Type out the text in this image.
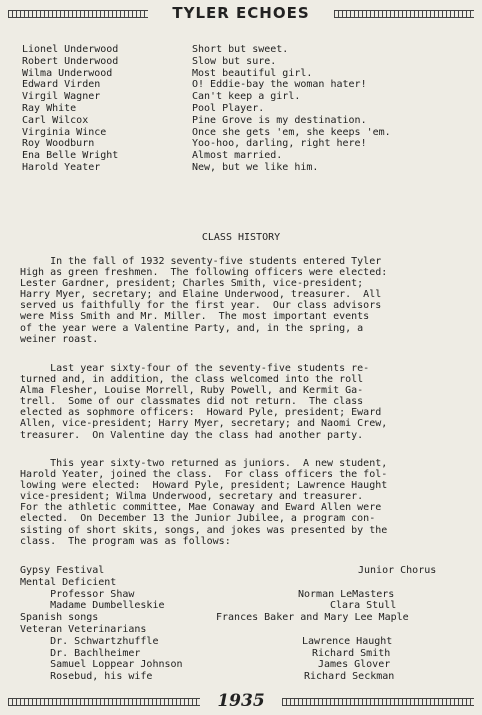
TYLER ECHOES
Lionel Underwood	Short but sweet.
Robert Underwood	Slow but sure.
Wilma Underwood	Most beautiful girl.
Edward Virden	O! Eddie-bay the woman hater!
Virgil Wagner	Can't keep a girl.
Ray White	Pool Player.
Carl Wilcox	Pine Grove is my destination.
Virginia Wince	Once she gets 'em, she keeps 'em.
Roy Woodburn	Yoo-hoo, darling, right here!
Ena Belle Wright	Almost married.
Harold Yeater	New, but we like him.
CLASS HISTORY
In the fall of 1932 seventy-five students entered Tyler
High as green freshmen.  The following officers were elected:
Lester Gardner, president; Charles Smith, vice-president;
Harry Myer, secretary; and Elaine Underwood, treasurer.  All
served us faithfully for the first year.  Our class advisors
were Miss Smith and Mr. Miller.  The most important events
of the year were a Valentine Party, and, in the spring, a
weiner roast.
Last year sixty-four of the seventy-five students re-
turned and, in addition, the class welcomed into the roll
Alma Flesher, Louise Morrell, Ruby Powell, and Kermit Ga-
trell.  Some of our classmates did not return.  The class
elected as sophmore officers:  Howard Pyle, president; Eward
Allen, vice-president; Harry Myer, secretary; and Naomi Crew,
treasurer.  On Valentine day the class had another party.
This year sixty-two returned as juniors.  A new student,
Harold Yeater, joined the class.  For class officers the fol-
lowing were elected:  Howard Pyle, president; Lawrence Haught
vice-president; Wilma Underwood, secretary and treasurer.
For the athletic committee, Mae Conaway and Eward Allen were
elected.  On December 13 the Junior Jubilee, a program con-
sisting of short skits, songs, and jokes was presented by the
class.  The program was as follows:
Gypsy Festival	Junior Chorus
Mental Deficient
Professor Shaw	Norman LeMasters
Madame Dumbelleskie	Clara Stull
Spanish songs	Frances Baker and Mary Lee Maple
Veteran Veterinarians
Dr. Schwartzhuffle	Lawrence Haught
Dr. Bachlheimer	Richard Smith
Samuel Loppear Johnson	James Glover
Rosebud, his wife	Richard Seckman
1935
